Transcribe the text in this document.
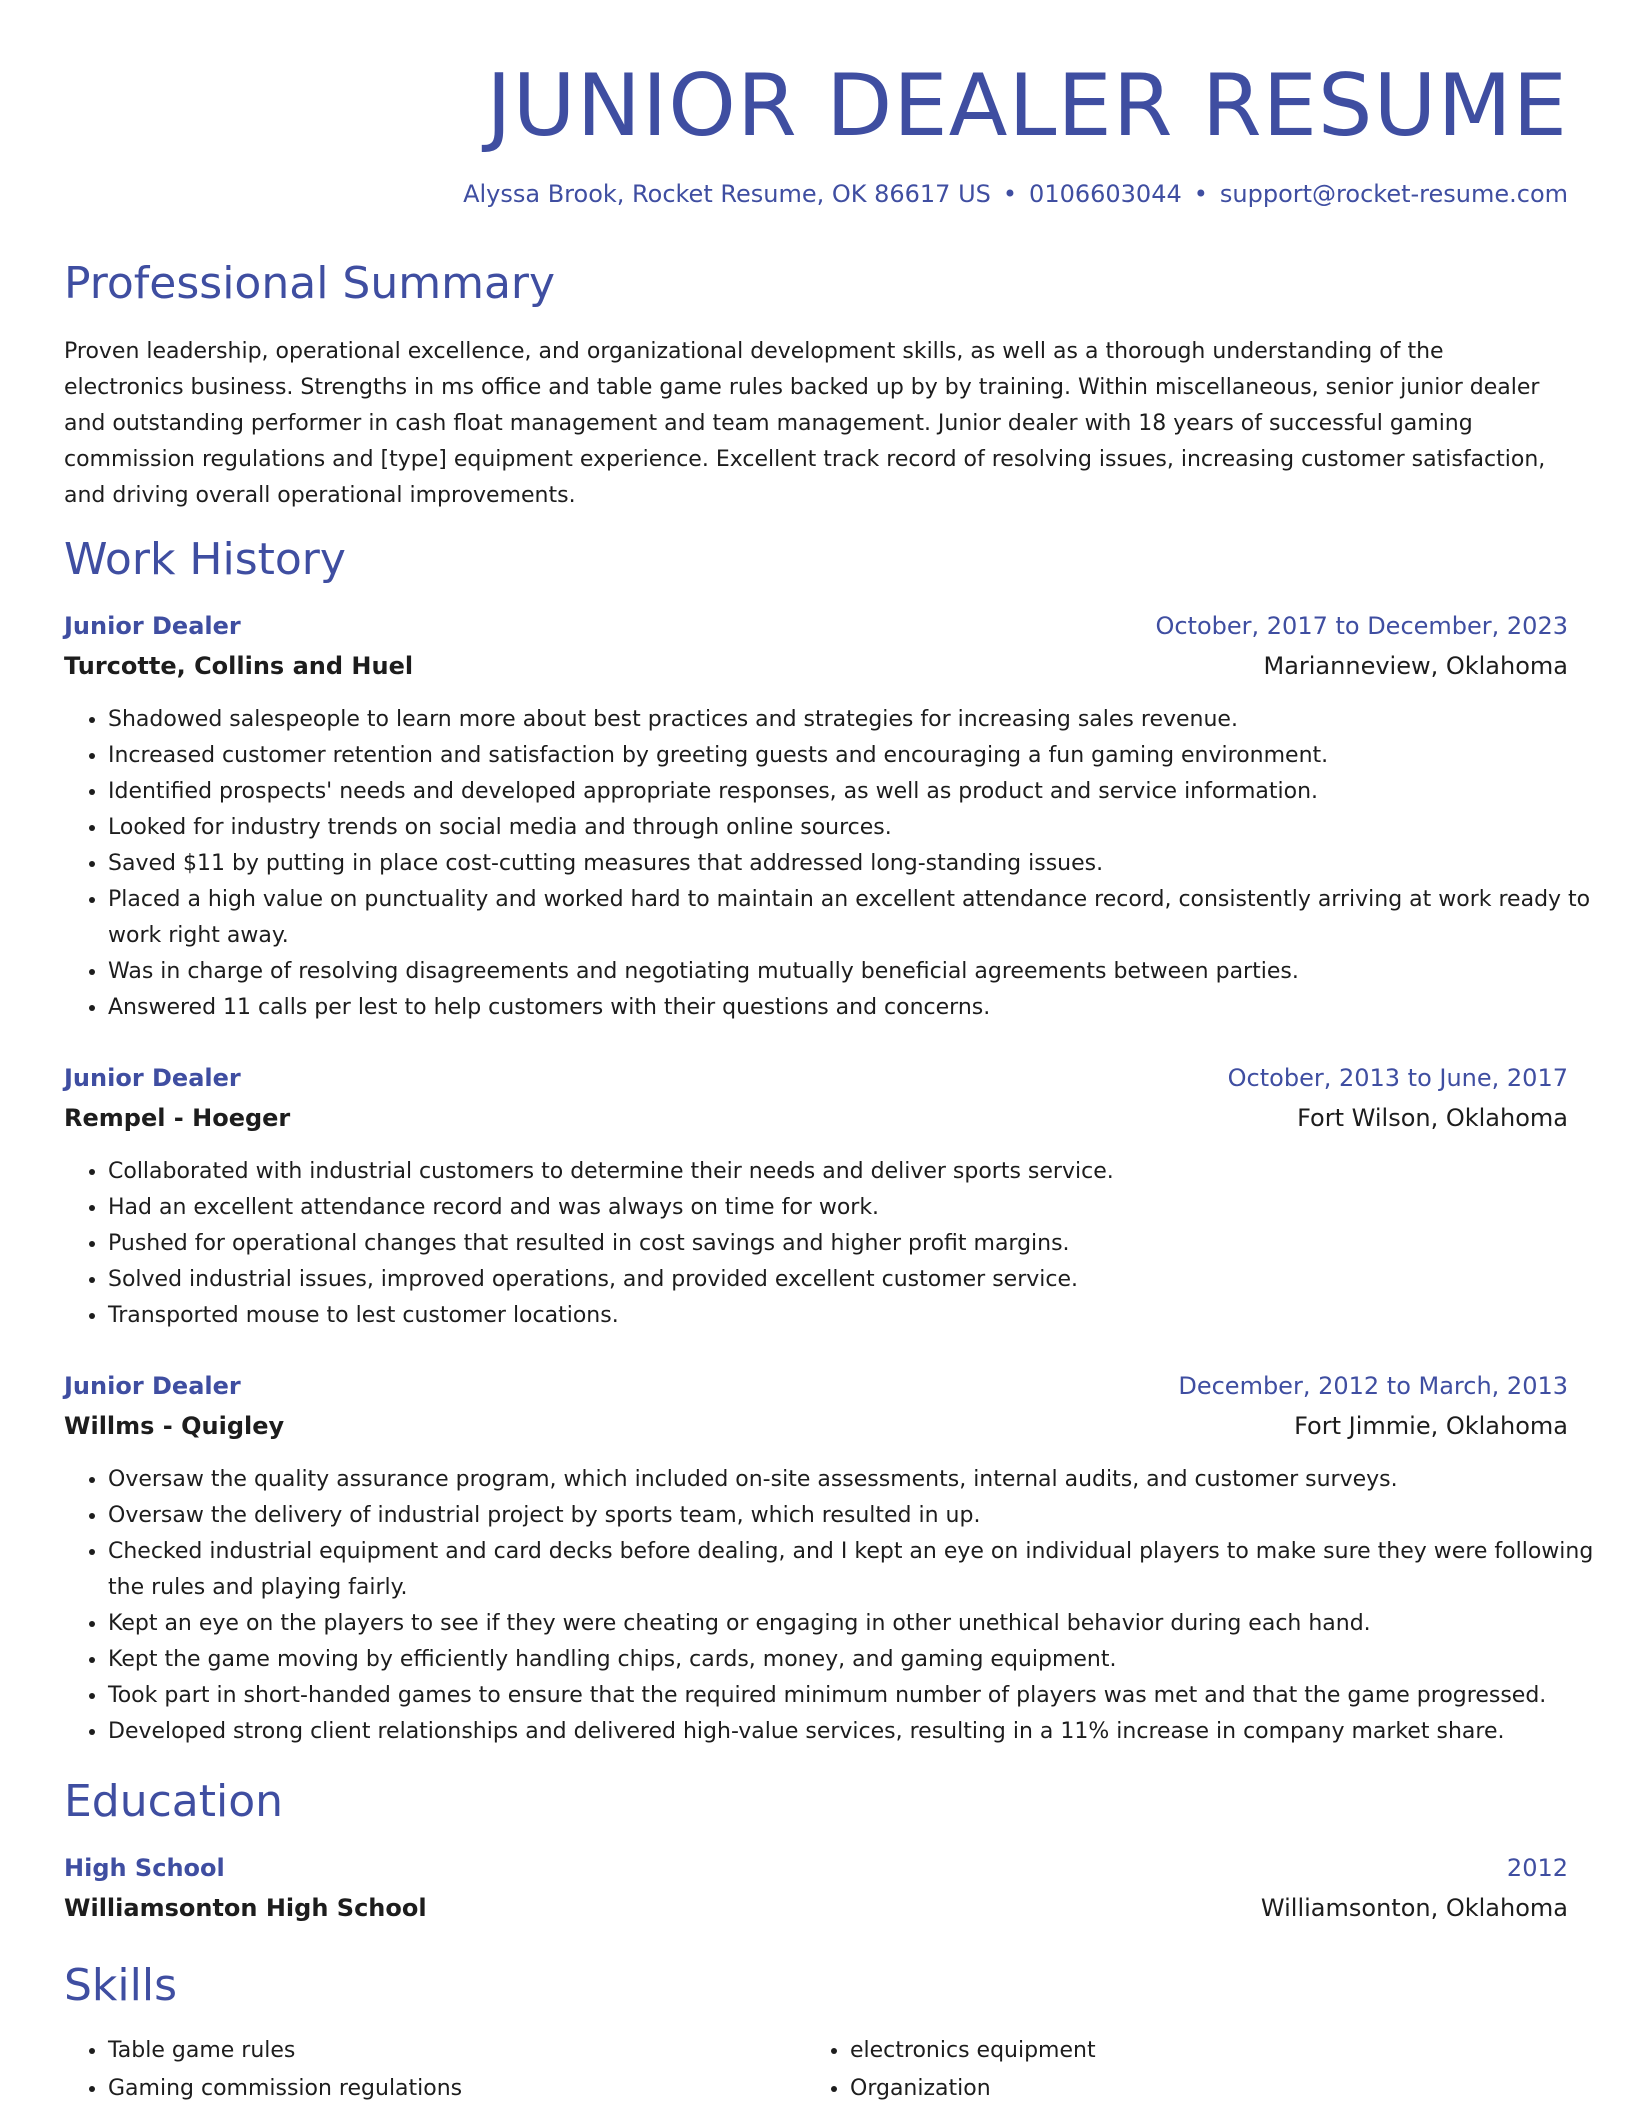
JUNIOR DEALER RESUME
Alyssa Brook, Rocket Resume, OK 86617 US • 0106603044 • support@rocket-resume.com
Professional Summary

Proven leadership, operational excellence, and organizational development skills, as well as a thorough understanding of the electronics business. Strengths in ms office and table game rules backed up by by training. Within miscellaneous, senior junior dealer and outstanding performer in cash float management and team management. Junior dealer with 18 years of successful gaming commission regulations and [type] equipment experience. Excellent track record of resolving issues, increasing customer satisfaction, and driving overall operational improvements.

Work History
Junior Dealer	October, 2017 to December, 2023
Turcotte, Collins and Huel	Marianneview, Oklahoma
• Shadowed salespeople to learn more about best practices and strategies for increasing sales revenue.
• Increased customer retention and satisfaction by greeting guests and encouraging a fun gaming environment.
• Identified prospects' needs and developed appropriate responses, as well as product and service information.
• Looked for industry trends on social media and through online sources.
• Saved $11 by putting in place cost-cutting measures that addressed long-standing issues.
• Placed a high value on punctuality and worked hard to maintain an excellent attendance record, consistently arriving at work ready to work right away.
• Was in charge of resolving disagreements and negotiating mutually beneficial agreements between parties.
• Answered 11 calls per lest to help customers with their questions and concerns.
Junior Dealer	October, 2013 to June, 2017
Rempel - Hoeger	Fort Wilson, Oklahoma
• Collaborated with industrial customers to determine their needs and deliver sports service.
• Had an excellent attendance record and was always on time for work.
• Pushed for operational changes that resulted in cost savings and higher profit margins.
• Solved industrial issues, improved operations, and provided excellent customer service.
• Transported mouse to lest customer locations.
Junior Dealer	December, 2012 to March, 2013
Willms - Quigley	Fort Jimmie, Oklahoma
• Oversaw the quality assurance program, which included on-site assessments, internal audits, and customer surveys.
• Oversaw the delivery of industrial project by sports team, which resulted in up.
• Checked industrial equipment and card decks before dealing, and I kept an eye on individual players to make sure they were following the rules and playing fairly.
• Kept an eye on the players to see if they were cheating or engaging in other unethical behavior during each hand.
• Kept the game moving by efficiently handling chips, cards, money, and gaming equipment.
• Took part in short-handed games to ensure that the required minimum number of players was met and that the game progressed.
• Developed strong client relationships and delivered high-value services, resulting in a 11% increase in company market share.
Education
High School	2012
Williamsonton High School	Williamsonton, Oklahoma
Skills
• Table game rules
• Gaming commission regulations
• electronics equipment
• Organization
